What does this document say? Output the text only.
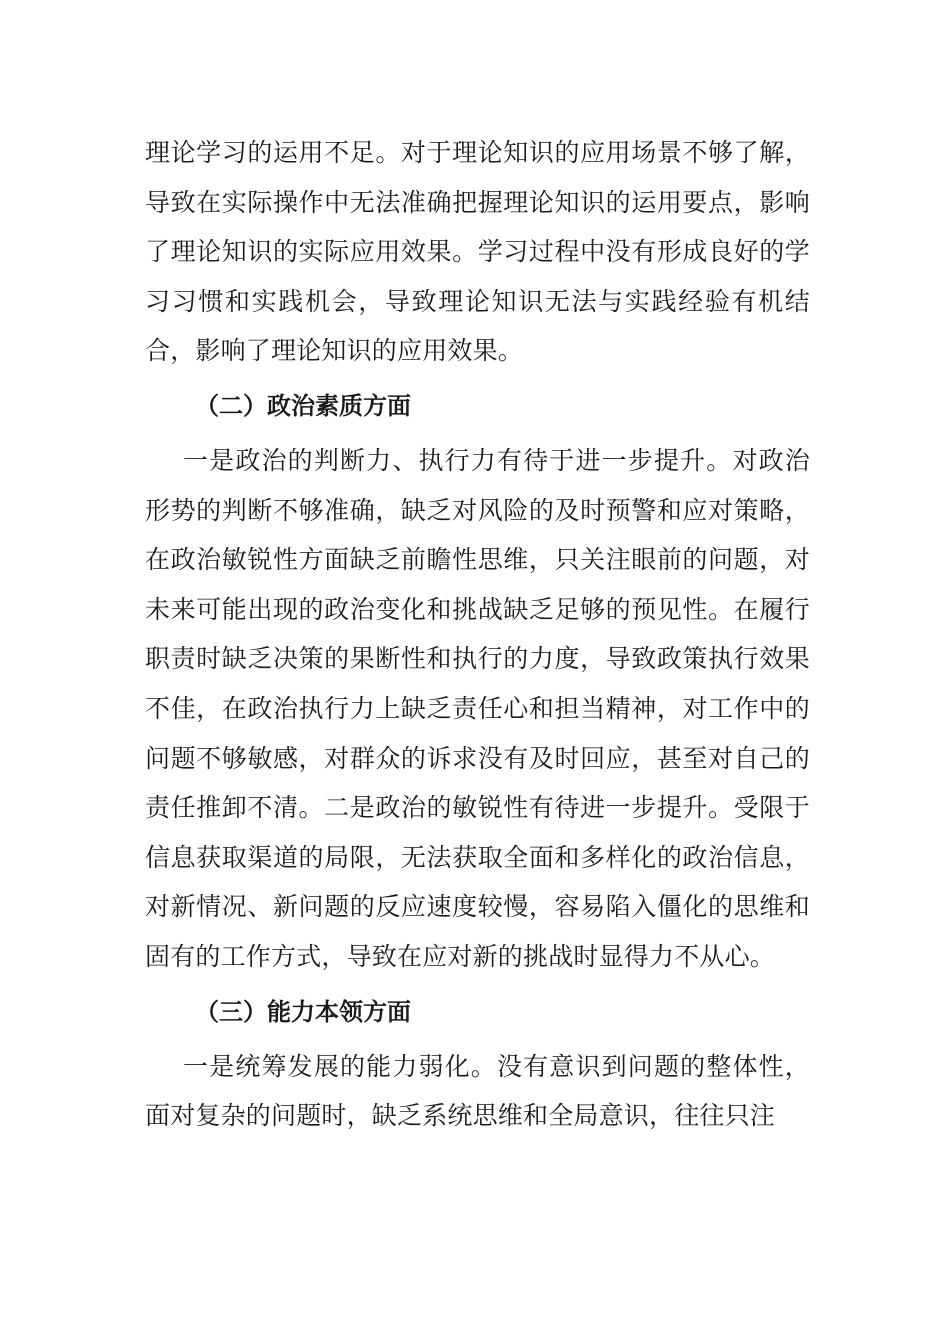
理论学习的运用不足。对于理论知识的应用场景不够了解，导致在实际操作中无法准确把握理论知识的运用要点，影响了理论知识的实际应用效果。学习过程中没有形成良好的学习习惯和实践机会，导致理论知识无法与实践经验有机结合，影响了理论知识的应用效果。

（二）政治素质方面

一是政治的判断力、执行力有待于进一步提升。对政治形势的判断不够准确，缺乏对风险的及时预警和应对策略，在政治敏锐性方面缺乏前瞻性思维，只关注眼前的问题，对未来可能出现的政治变化和挑战缺乏足够的预见性。在履行职责时缺乏决策的果断性和执行的力度，导致政策执行效果不佳，在政治执行力上缺乏责任心和担当精神，对工作中的问题不够敏感，对群众的诉求没有及时回应，甚至对自己的责任推卸不清。二是政治的敏锐性有待进一步提升。受限于信息获取渠道的局限，无法获取全面和多样化的政治信息，对新情况、新问题的反应速度较慢，容易陷入僵化的思维和固有的工作方式，导致在应对新的挑战时显得力不从心。

（三）能力本领方面

一是统筹发展的能力弱化。没有意识到问题的整体性，面对复杂的问题时，缺乏系统思维和全局意识，往往只注
